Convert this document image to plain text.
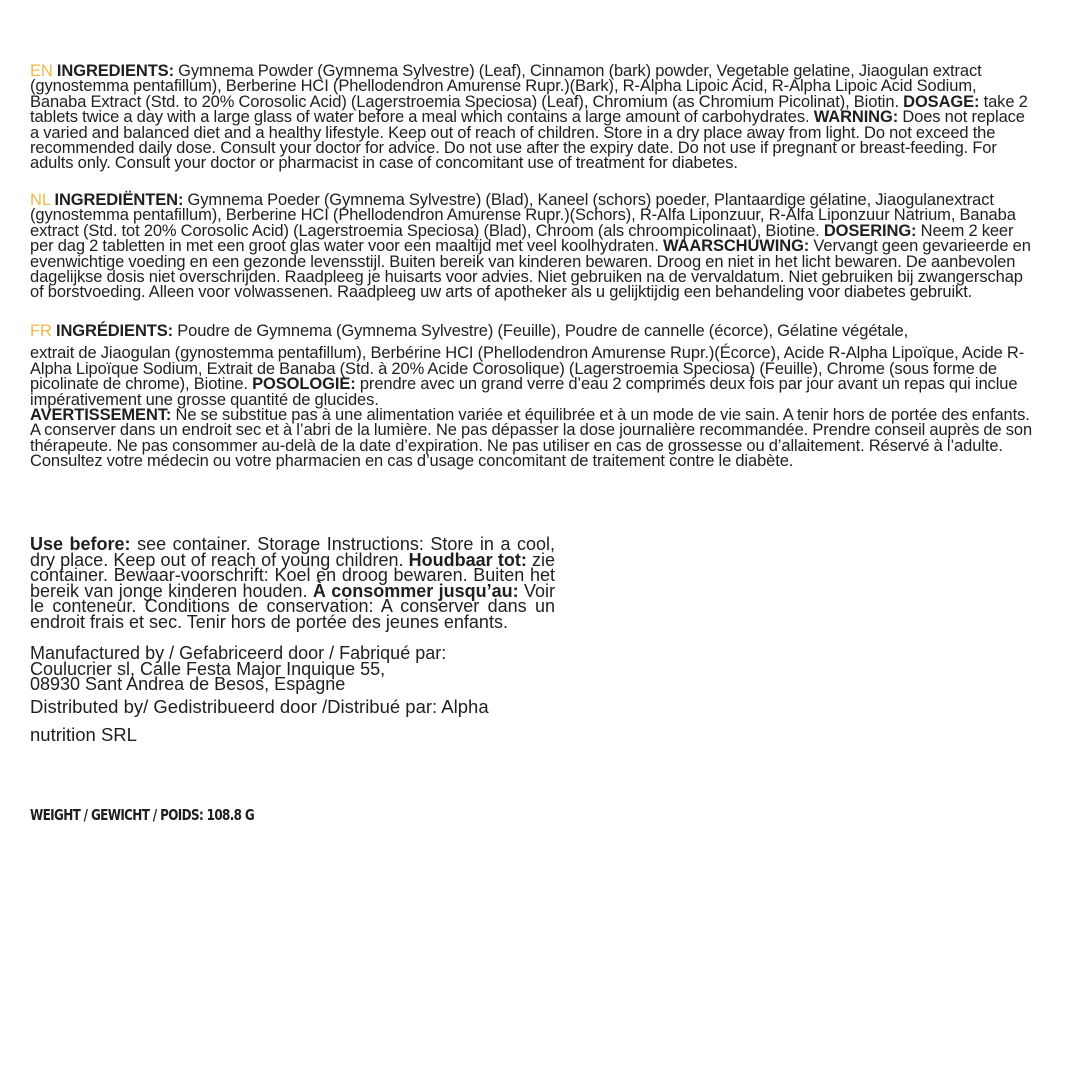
EN INGREDIENTS: Gymnema Powder (Gymnema Sylvestre) (Leaf), Cinnamon (bark) powder, Vegetable gelatine, Jiaogulan extract (gynostemma pentafillum), Berberine HCI (Phellodendron Amurense Rupr.)(Bark), R-Alpha Lipoic Acid, R-Alpha Lipoic Acid Sodium, Banaba Extract (Std. to 20% Corosolic Acid) (Lagerstroemia Speciosa) (Leaf), Chromium (as Chromium Picolinat), Biotin. DOSAGE: take 2 tablets twice a day with a large glass of water before a meal which contains a large amount of carbohydrates. WARNING: Does not replace a varied and balanced diet and a healthy lifestyle. Keep out of reach of children. Store in a dry place away from light. Do not exceed the recommended daily dose. Consult your doctor for advice. Do not use after the expiry date. Do not use if pregnant or breast-feeding. For adults only. Consult your doctor or pharmacist in case of concomitant use of treatment for diabetes.

NL INGREDIËNTEN: Gymnema Poeder (Gymnema Sylvestre) (Blad), Kaneel (schors) poeder, Plantaardige gélatine, Jiaogulanextract (gynostemma pentafillum), Berberine HCI (Phellodendron Amurense Rupr.)(Schors), R-Alfa Liponzuur, R-Alfa Liponzuur Natrium, Banaba extract (Std. tot 20% Corosolic Acid) (Lagerstroemia Speciosa) (Blad), Chroom (als chroompicolinaat), Biotine. DOSERING: Neem 2 keer per dag 2 tabletten in met een groot glas water voor een maaltijd met veel koolhydraten. WAARSCHUWING: Vervangt geen gevarieerde en evenwichtige voeding en een gezonde levensstijl. Buiten bereik van kinderen bewaren. Droog en niet in het licht bewaren. De aanbevolen dagelijkse dosis niet overschrijden. Raadpleeg je huisarts voor advies. Niet gebruiken na de vervaldatum. Niet gebruiken bij zwangerschap of borstvoeding. Alleen voor volwassenen. Raadpleeg uw arts of apotheker als u gelijktijdig een behandeling voor diabetes gebruikt.

FR INGRÉDIENTS: Poudre de Gymnema (Gymnema Sylvestre) (Feuille), Poudre de cannelle (écorce), Gélatine végétale,
extrait de Jiaogulan (gynostemma pentafillum), Berbérine HCI (Phellodendron Amurense Rupr.)(Écorce), Acide R-Alpha Lipoïque, Acide R-Alpha Lipoïque Sodium, Extrait de Banaba (Std. à 20% Acide Corosolique) (Lagerstroemia Speciosa) (Feuille), Chrome (sous forme de picolinate de chrome), Biotine. POSOLOGIE: prendre avec un grand verre d’eau 2 comprimés deux fois par jour avant un repas qui inclue impérativement une grosse quantité de glucides.
AVERTISSEMENT: Ne se substitue pas à une alimentation variée et équilibrée et à un mode de vie sain. A tenir hors de portée des enfants. A conserver dans un endroit sec et à l’abri de la lumière. Ne pas dépasser la dose journalière recommandée. Prendre conseil auprès de son thérapeute. Ne pas consommer au-delà de la date d’expiration. Ne pas utiliser en cas de grossesse ou d’allaitement. Réservé à l’adulte. Consultez votre médecin ou votre pharmacien en cas d’usage concomitant de traitement contre le diabète.

Use before: see container. Storage Instructions: Store in a cool, dry place. Keep out of reach of young children. Houdbaar tot: zie container. Bewaar-voorschrift: Koel en droog bewaren. Buiten het bereik van jonge kinderen houden. À consommer jusqu’au: Voir le conteneur. Conditions de conservation: A conserver dans un endroit frais et sec. Tenir hors de portée des jeunes enfants.

Manufactured by / Gefabriceerd door / Fabriqué par:
Coulucrier sl, Calle Festa Major Inquique 55,
08930 Sant Andrea de Besos, Espagne

Distributed by/ Gedistribueerd door /Distribué par: Alpha nutrition SRL

WEIGHT / GEWICHT / POIDS: 108.8 G
